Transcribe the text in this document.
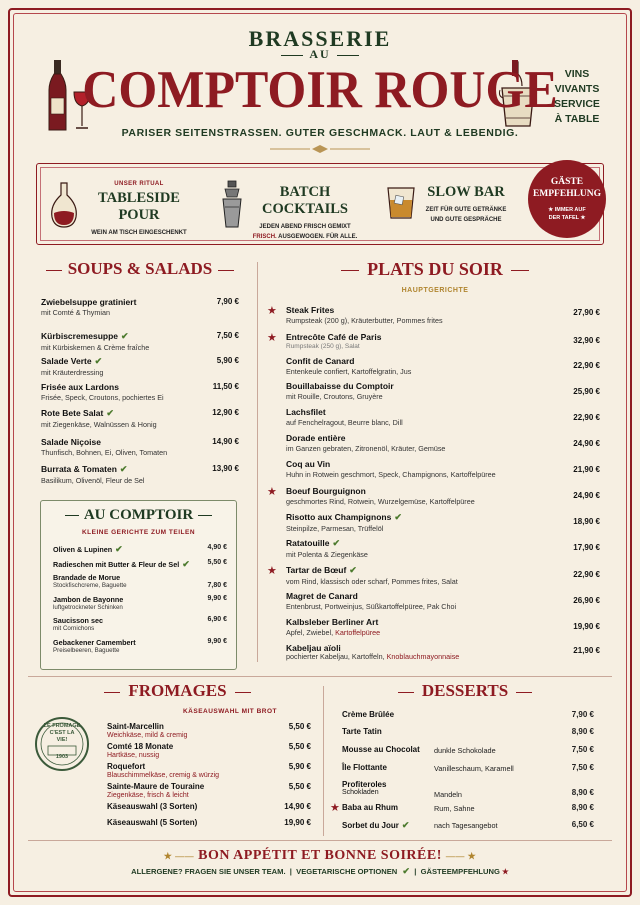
BRASSERIE
AU
COMPTOIR ROUGE
PARISER SEITENSTRASSEN. GUTER GESCHMACK. LAUT & LEBENDIG.
VINS
VIVANTS
SERVICE
À TABLE
UNSER RITUAL
TABLESIDE POUR
WEIN AM TISCH EINGESCHENKT
BATCH COCKTAILS
JEDEN ABEND FRISCH GEMIXT
FRISCH. AUSGEWOGEN. FÜR ALLE.
SLOW BAR
ZEIT FÜR GUTE GETRÄNKE
UND GUTE GESPRÄCHE
GÄSTE
EMPFEHLUNG
★ IMMER AUF
DER TAFEL ★
SOUPS & SALADS
Zwiebelsuppe gratiniert
mit Comté & Thymian
7,90 €
Kürbiscremesuppe ✔
mit Kürbiskernen & Crème fraîche
7,50 €
Salade Verte ✔
mit Kräuterdressing
5,90 €
Frisée aux Lardons
Frisée, Speck, Croutons, pochiertes Ei
11,50 €
Rote Bete Salat ✔
mit Ziegenkäse, Walnüssen & Honig
12,90 €
Salade Niçoise
Thunfisch, Bohnen, Ei, Oliven, Tomaten
14,90 €
Burrata & Tomaten ✔
Basilikum, Olivenöl, Fleur de Sel
13,90 €
AU COMPTOIR
KLEINE GERICHTE ZUM TEILEN
Oliven & Lupinen ✔	4,90 €
Radieschen mit Butter & Fleur de Sel ✔	5,50 €
Brandade de Morue
Stockfischcreme, Baguette	7,80 €
Jambon de Bayonne
luftgetrockneter Schinken
9,90 €
Saucisson sec
mit Cornichons
6,90 €
Gebackener Camembert
Preiselbeeren, Baguette
9,90 €
PLATS DU SOIR
HAUPTGERICHTE
★ Steak Frites
Rumpsteak (200 g), Kräuterbutter, Pommes frites
27,90 €
★ Entrecôte Café de Paris
Rumpsteak (250 g), Salat
32,90 €
Confit de Canard
Entenkeule confiert, Kartoffelgratin, Jus
22,90 €
Bouillabaisse du Comptoir
mit Rouille, Croutons, Gruyère
25,90 €
Lachsfilet
auf Fenchelragout, Beurre blanc, Dill
22,90 €
Dorade entière
im Ganzen gebraten, Zitronenöl, Kräuter, Gemüse
24,90 €
Coq au Vin
Huhn in Rotwein geschmort, Speck, Champignons, Kartoffelpüree
21,90 €
★ Boeuf Bourguignon
geschmortes Rind, Rotwein, Wurzelgemüse, Kartoffelpüree
24,90 €
Risotto aux Champignons ✔
Steinpilze, Parmesan, Trüffelöl
18,90 €
Ratatouille ✔
mit Polenta & Ziegenkäse
17,90 €
★ Tartar de Bœuf ✔
vom Rind, klassisch oder scharf, Pommes frites, Salat
22,90 €
Magret de Canard
Entenbrust, Portweinjus, Süßkartoffelpüree, Pak Choi
26,90 €
Kalbsleber Berliner Art
Apfel, Zwiebel, Kartoffelpüree
19,90 €
Kabeljau aïoli
pochierter Kabeljau, Kartoffeln, Knoblauchmayonnaise
21,90 €
FROMAGES
KÄSEAUSWAHL MIT BROT
LE FROMAGE
C'EST LA
VIE!
1903
Saint-Marcellin
Weichkäse, mild & cremig
5,50 €
Comté 18 Monate
Hartkäse, nussig
5,50 €
Roquefort
Blauschimmelkäse, cremig & würzig
5,90 €
Sainte-Maure de Touraine
Ziegenkäse, frisch & leicht
5,50 €
Käseauswahl (3 Sorten)	14,90 €
Käseauswahl (5 Sorten)	19,90 €
DESSERTS
Crème Brûlée	7,90 €
Tarte Tatin	8,90 €
Mousse au Chocolat	dunkle Schokolade	7,50 €
Île Flottante	Vanilleschaum, Karamell	7,50 €
Profiteroles
Schokladen	Mandeln	8,90 €
★ Baba au Rhum	Rum, Sahne	8,90 €
Sorbet du Jour ✔	nach Tagesangebot	6,50 €
★ —— BON APPÉTIT ET BONNE SOIRÉE! —— ★
ALLERGENE? FRAGEN SIE UNSER TEAM.  |  VEGETARISCHE OPTIONEN ✔  |  GÄSTEEMPFEHLUNG ★
